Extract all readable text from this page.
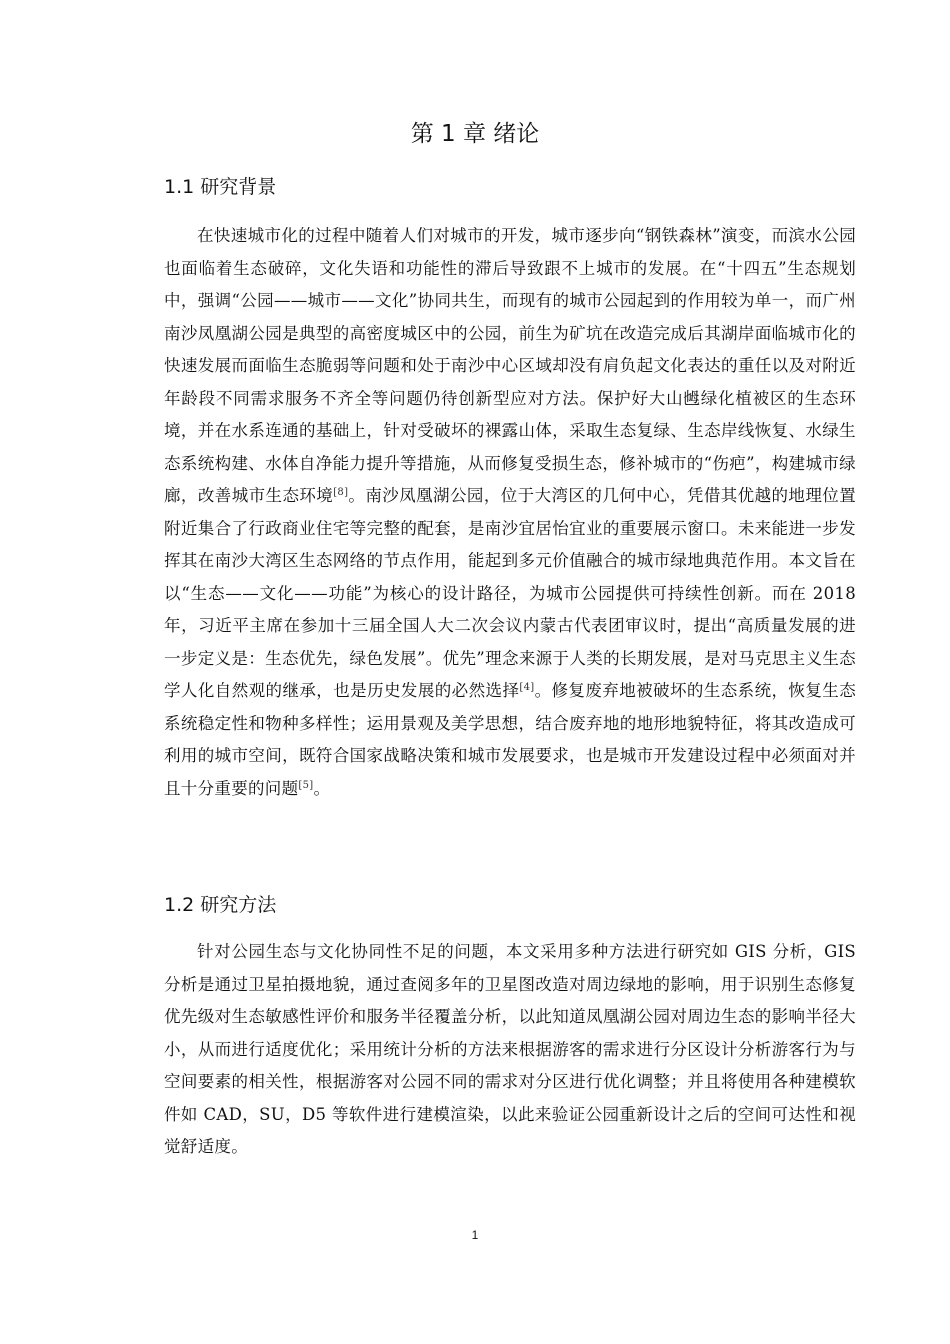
第 1 章 绪论
1.1 研究背景

在快速城市化的过程中随着人们对城市的开发，城市逐步向“钢铁森林”演变，而滨水公园也面临着生态破碎，文化失语和功能性的滞后导致跟不上城市的发展。在“十四五”生态规划中，强调“公园——城市——文化”协同共生，而现有的城市公园起到的作用较为单一，而广州南沙凤凰湖公园是典型的高密度城区中的公园，前生为矿坑在改造完成后其湖岸面临城市化的快速发展而面临生态脆弱等问题和处于南沙中心区域却没有肩负起文化表达的重任以及对附近年龄段不同需求服务不齐全等问题仍待创新型应对方法。保护好大山乸绿化植被区的生态环境，并在水系连通的基础上，针对受破坏的裸露山体，采取生态复绿、生态岸线恢复、水绿生态系统构建、水体自净能力提升等措施，从而修复受损生态，修补城市的“伤疤”，构建城市绿廊，改善城市生态环境[8]。南沙凤凰湖公园，位于大湾区的几何中心，凭借其优越的地理位置附近集合了行政商业住宅等完整的配套，是南沙宜居怡宜业的重要展示窗口。未来能进一步发挥其在南沙大湾区生态网络的节点作用，能起到多元价值融合的城市绿地典范作用。本文旨在以“生态——文化——功能”为核心的设计路径，为城市公园提供可持续性创新。而在 2018 年，习近平主席在参加十三届全国人大二次会议内蒙古代表团审议时，提出“高质量发展的进一步定义是：生态优先，绿色发展”。优先”理念来源于人类的长期发展，是对马克思主义生态学人化自然观的继承，也是历史发展的必然选择[4]。修复废弃地被破坏的生态系统，恢复生态系统稳定性和物种多样性；运用景观及美学思想，结合废弃地的地形地貌特征，将其改造成可利用的城市空间，既符合国家战略决策和城市发展要求，也是城市开发建设过程中必须面对并且十分重要的问题[5]。

1.2 研究方法

针对公园生态与文化协同性不足的问题，本文采用多种方法进行研究如 GIS 分析，GIS 分析是通过卫星拍摄地貌，通过查阅多年的卫星图改造对周边绿地的影响，用于识别生态修复优先级对生态敏感性评价和服务半径覆盖分析，以此知道凤凰湖公园对周边生态的影响半径大小，从而进行适度优化；采用统计分析的方法来根据游客的需求进行分区设计分析游客行为与空间要素的相关性，根据游客对公园不同的需求对分区进行优化调整；并且将使用各种建模软件如 CAD，SU，D5 等软件进行建模渲染，以此来验证公园重新设计之后的空间可达性和视觉舒适度。

1
